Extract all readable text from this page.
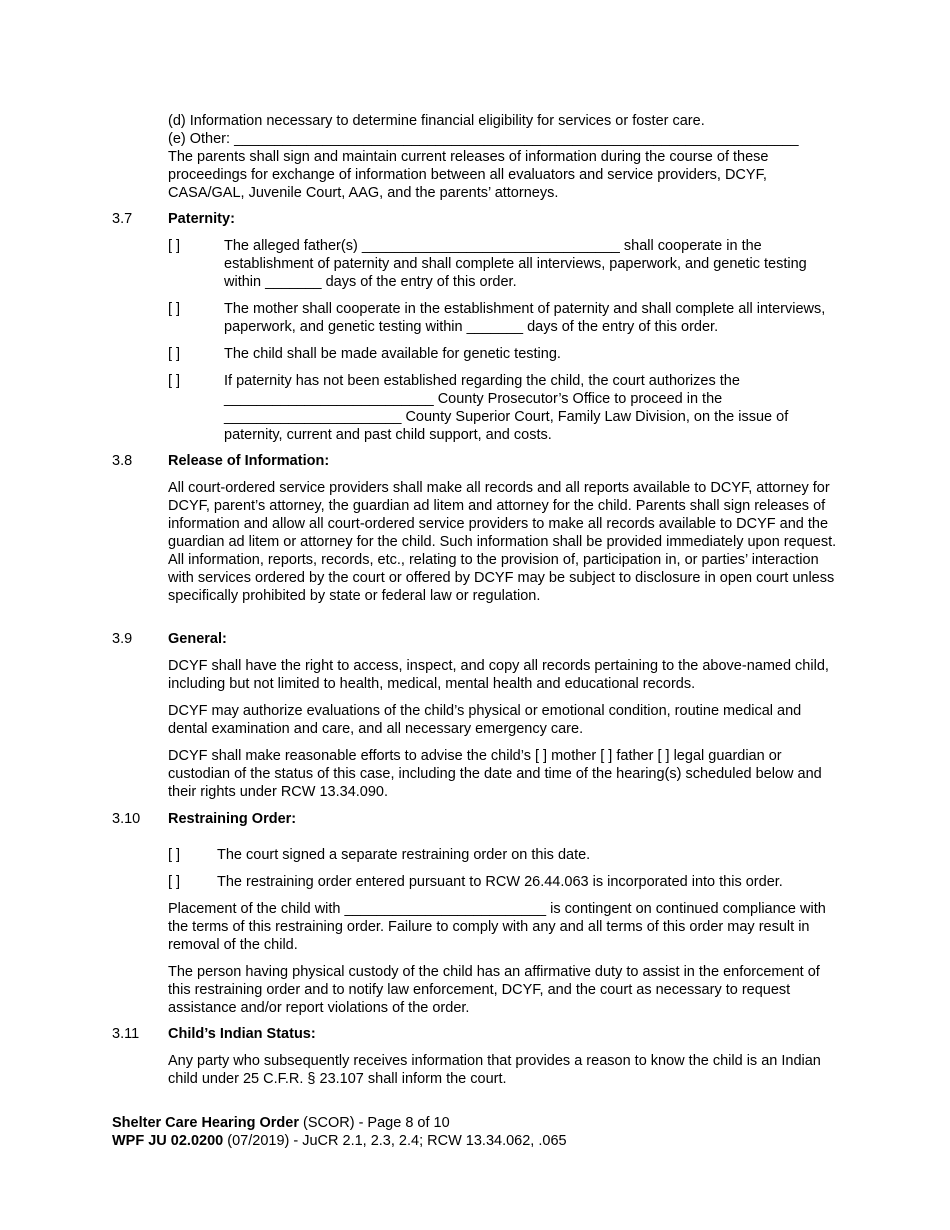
(d) Information necessary to determine financial eligibility for services or foster care.

(e) Other: ______________________________________________________________________

The parents shall sign and maintain current releases of information during the course of these proceedings for exchange of information between all evaluators and service providers, DCYF, CASA/GAL, Juvenile Court, AAG, and the parents’ attorneys.

3.7	Paternity:
[ ]	The alleged father(s) ________________________________ shall cooperate in the establishment of paternity and shall complete all interviews, paperwork, and genetic testing within _______ days of the entry of this order.
[ ]	The mother shall cooperate in the establishment of paternity and shall complete all interviews, paperwork, and genetic testing within _______ days of the entry of this order.
[ ]	The child shall be made available for genetic testing.
[ ]	If paternity has not been established regarding the child, the court authorizes the __________________________ County Prosecutor’s Office to proceed in the ______________________ County Superior Court, Family Law Division, on the issue of paternity, current and past child support, and costs.
3.8	Release of Information:

All court-ordered service providers shall make all records and all reports available to DCYF, attorney for DCYF, parent’s attorney, the guardian ad litem and attorney for the child. Parents shall sign releases of information and allow all court-ordered service providers to make all records available to DCYF and the guardian ad litem or attorney for the child. Such information shall be provided immediately upon request. All information, reports, records, etc., relating to the provision of, participation in, or parties’ interaction with services ordered by the court or offered by DCYF may be subject to disclosure in open court unless specifically prohibited by state or federal law or regulation.

3.9	General:

DCYF shall have the right to access, inspect, and copy all records pertaining to the above-named child, including but not limited to health, medical, mental health and educational records.

DCYF may authorize evaluations of the child’s physical or emotional condition, routine medical and dental examination and care, and all necessary emergency care.

DCYF shall make reasonable efforts to advise the child’s [ ] mother [ ] father [ ] legal guardian or custodian of the status of this case, including the date and time of the hearing(s) scheduled below and their rights under RCW 13.34.090.

3.10	Restraining Order:
[ ]	The court signed a separate restraining order on this date.
[ ]	The restraining order entered pursuant to RCW 26.44.063 is incorporated into this order.

Placement of the child with _________________________ is contingent on continued compliance with the terms of this restraining order. Failure to comply with any and all terms of this order may result in removal of the child.

The person having physical custody of the child has an affirmative duty to assist in the enforcement of this restraining order and to notify law enforcement, DCYF, and the court as necessary to request assistance and/or report violations of the order.

3.11	Child’s Indian Status:

Any party who subsequently receives information that provides a reason to know the child is an Indian child under 25 C.F.R. § 23.107 shall inform the court.

Shelter Care Hearing Order (SCOR) - Page 8 of 10
WPF JU 02.0200 (07/2019) - JuCR 2.1, 2.3, 2.4; RCW 13.34.062, .065
